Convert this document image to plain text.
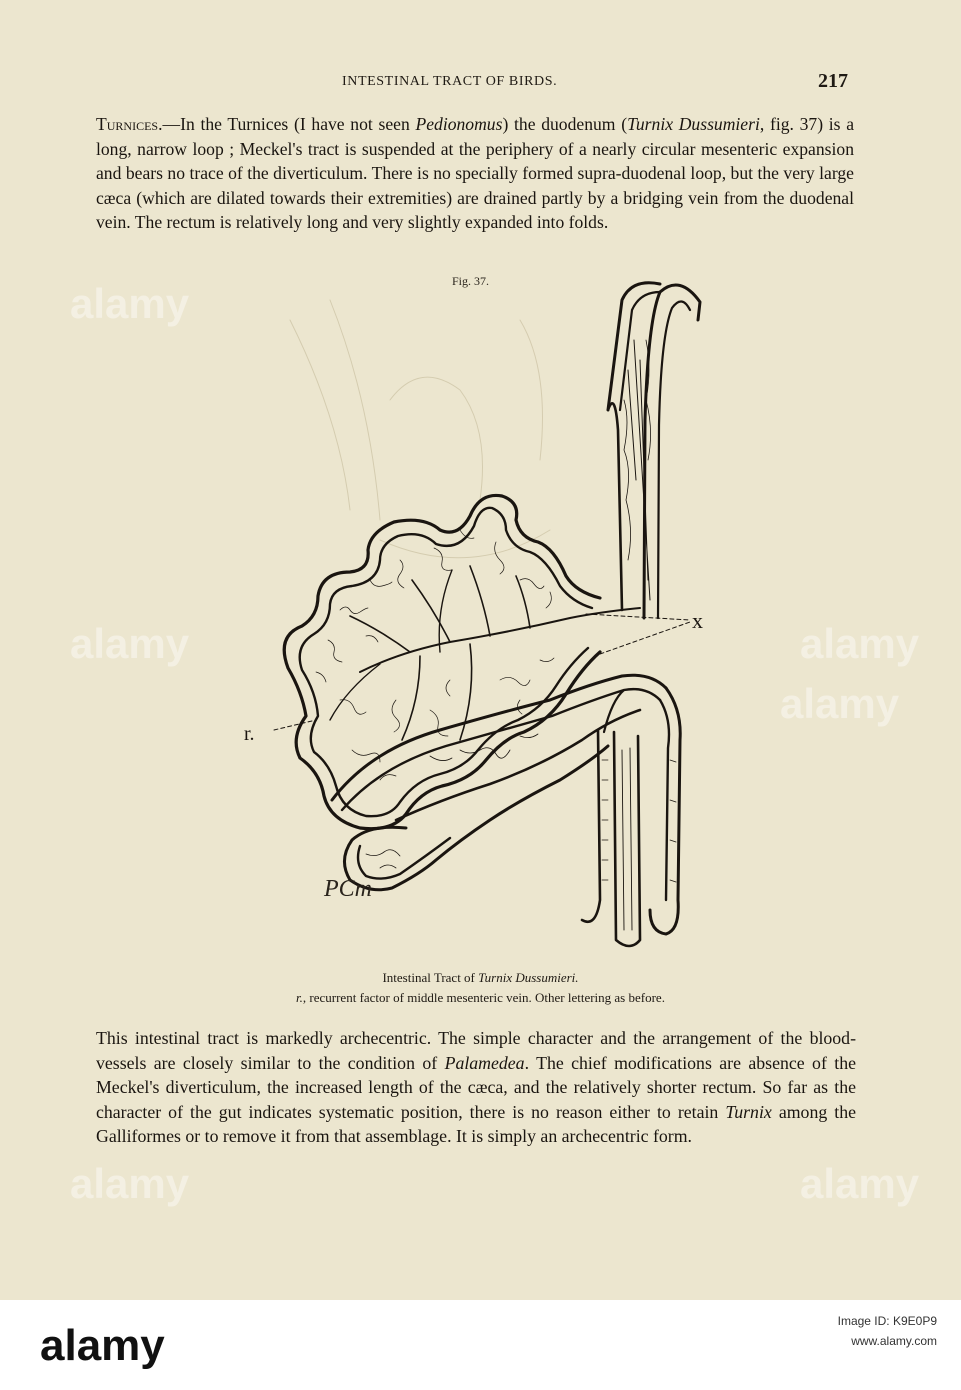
INTESTINAL TRACT OF BIRDS.	217

Turnices.—In the Turnices (I have not seen Pedionomus) the duodenum (Turnix Dussumieri, fig. 37) is a long, narrow loop ; Meckel's tract is suspended at the periphery of a nearly circular mesenteric expansion and bears no trace of the diverticulum. There is no specially formed supra-duodenal loop, but the very large cæca (which are dilated towards their extremities) are drained partly by a bridging vein from the duodenal vein. The rectum is relatively long and very slightly expanded into folds.

Fig. 37.
x
r.
PCm
Intestinal Tract of Turnix Dussumieri.
r., recurrent factor of middle mesenteric vein. Other lettering as before.

This intestinal tract is markedly archecentric. The simple character and the arrangement of the blood-vessels are closely similar to the condition of Palamedea. The chief modifications are absence of the Meckel's diverticulum, the increased length of the cæca, and the relatively shorter rectum. So far as the character of the gut indicates systematic position, there is no reason either to retain Turnix among the Galliformes or to remove it from that assemblage. It is simply an archecentric form.

alamy
alamy
alamy
alamy
alamy	alamy
alamy	Image ID: K9E0P9
www.alamy.com
